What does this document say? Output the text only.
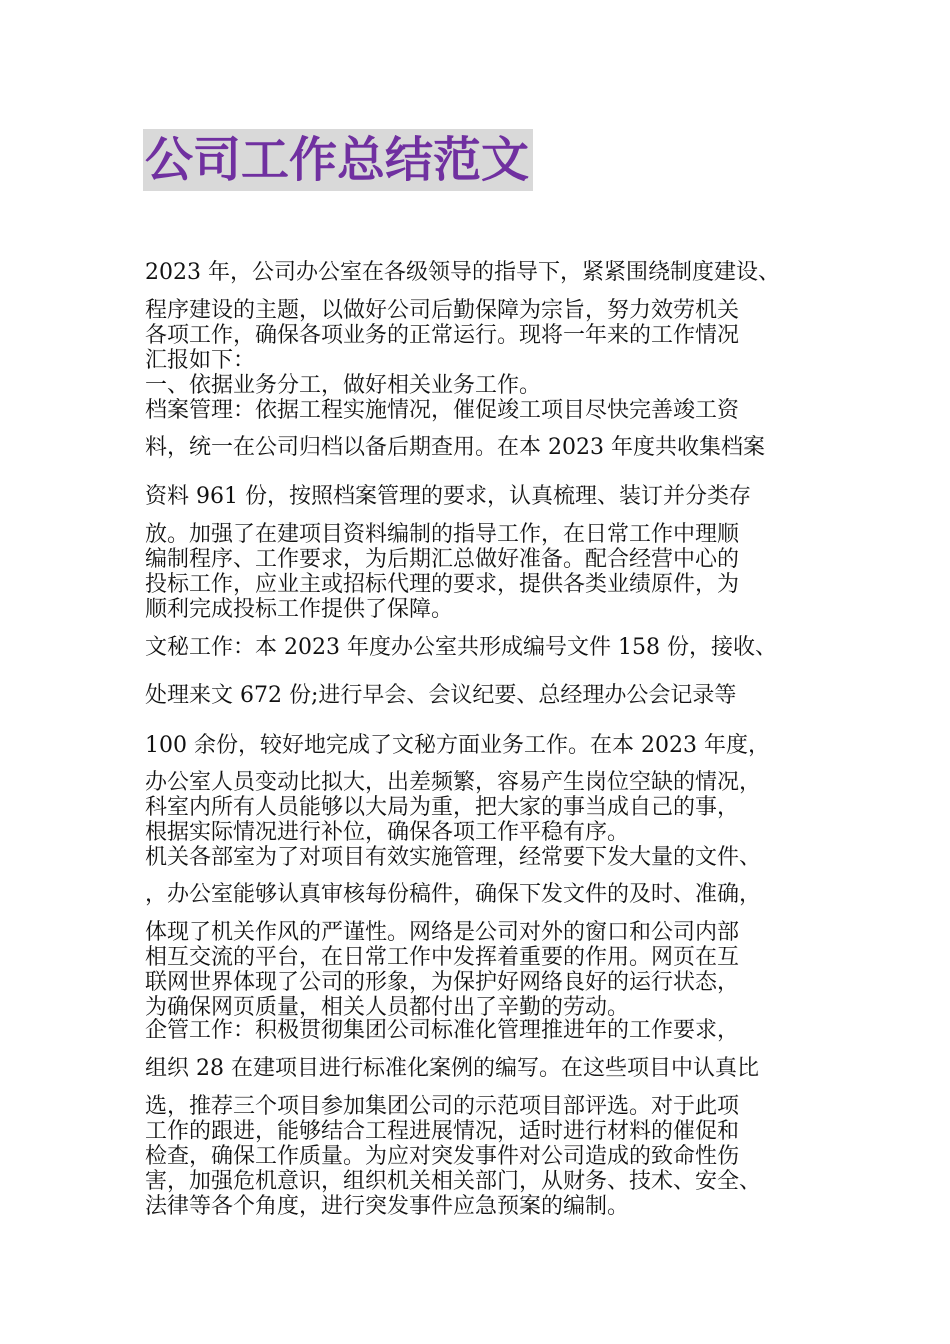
公司工作总结范文
2023 年，公司办公室在各级领导的指导下，紧紧围绕制度建设、
程序建设的主题，以做好公司后勤保障为宗旨，努力效劳机关
各项工作，确保各项业务的正常运行。现将一年来的工作情况
汇报如下：
一、依据业务分工，做好相关业务工作。
档案管理：依据工程实施情况，催促竣工项目尽快完善竣工资
料，统一在公司归档以备后期查用。在本 2023 年度共收集档案
资料 961 份，按照档案管理的要求，认真梳理、装订并分类存
放。加强了在建项目资料编制的指导工作，在日常工作中理顺
编制程序、工作要求，为后期汇总做好准备。配合经营中心的
投标工作，应业主或招标代理的要求，提供各类业绩原件，为
顺利完成投标工作提供了保障。
文秘工作：本 2023 年度办公室共形成编号文件 158 份，接收、
处理来文 672 份;进行早会、会议纪要、总经理办公会记录等
100 余份，较好地完成了文秘方面业务工作。在本 2023 年度，
办公室人员变动比拟大，出差频繁，容易产生岗位空缺的情况，
科室内所有人员能够以大局为重，把大家的事当成自己的事，
根据实际情况进行补位，确保各项工作平稳有序。
机关各部室为了对项目有效实施管理，经常要下发大量的文件、
，办公室能够认真审核每份稿件，确保下发文件的及时、准确，
体现了机关作风的严谨性。网络是公司对外的窗口和公司内部
相互交流的平台，在日常工作中发挥着重要的作用。网页在互
联网世界体现了公司的形象，为保护好网络良好的运行状态，
为确保网页质量，相关人员都付出了辛勤的劳动。
企管工作：积极贯彻集团公司标准化管理推进年的工作要求，
组织 28 在建项目进行标准化案例的编写。在这些项目中认真比
选，推荐三个项目参加集团公司的示范项目部评选。对于此项
工作的跟进，能够结合工程进展情况，适时进行材料的催促和
检查，确保工作质量。为应对突发事件对公司造成的致命性伤
害，加强危机意识，组织机关相关部门，从财务、技术、安全、
法律等各个角度，进行突发事件应急预案的编制。
